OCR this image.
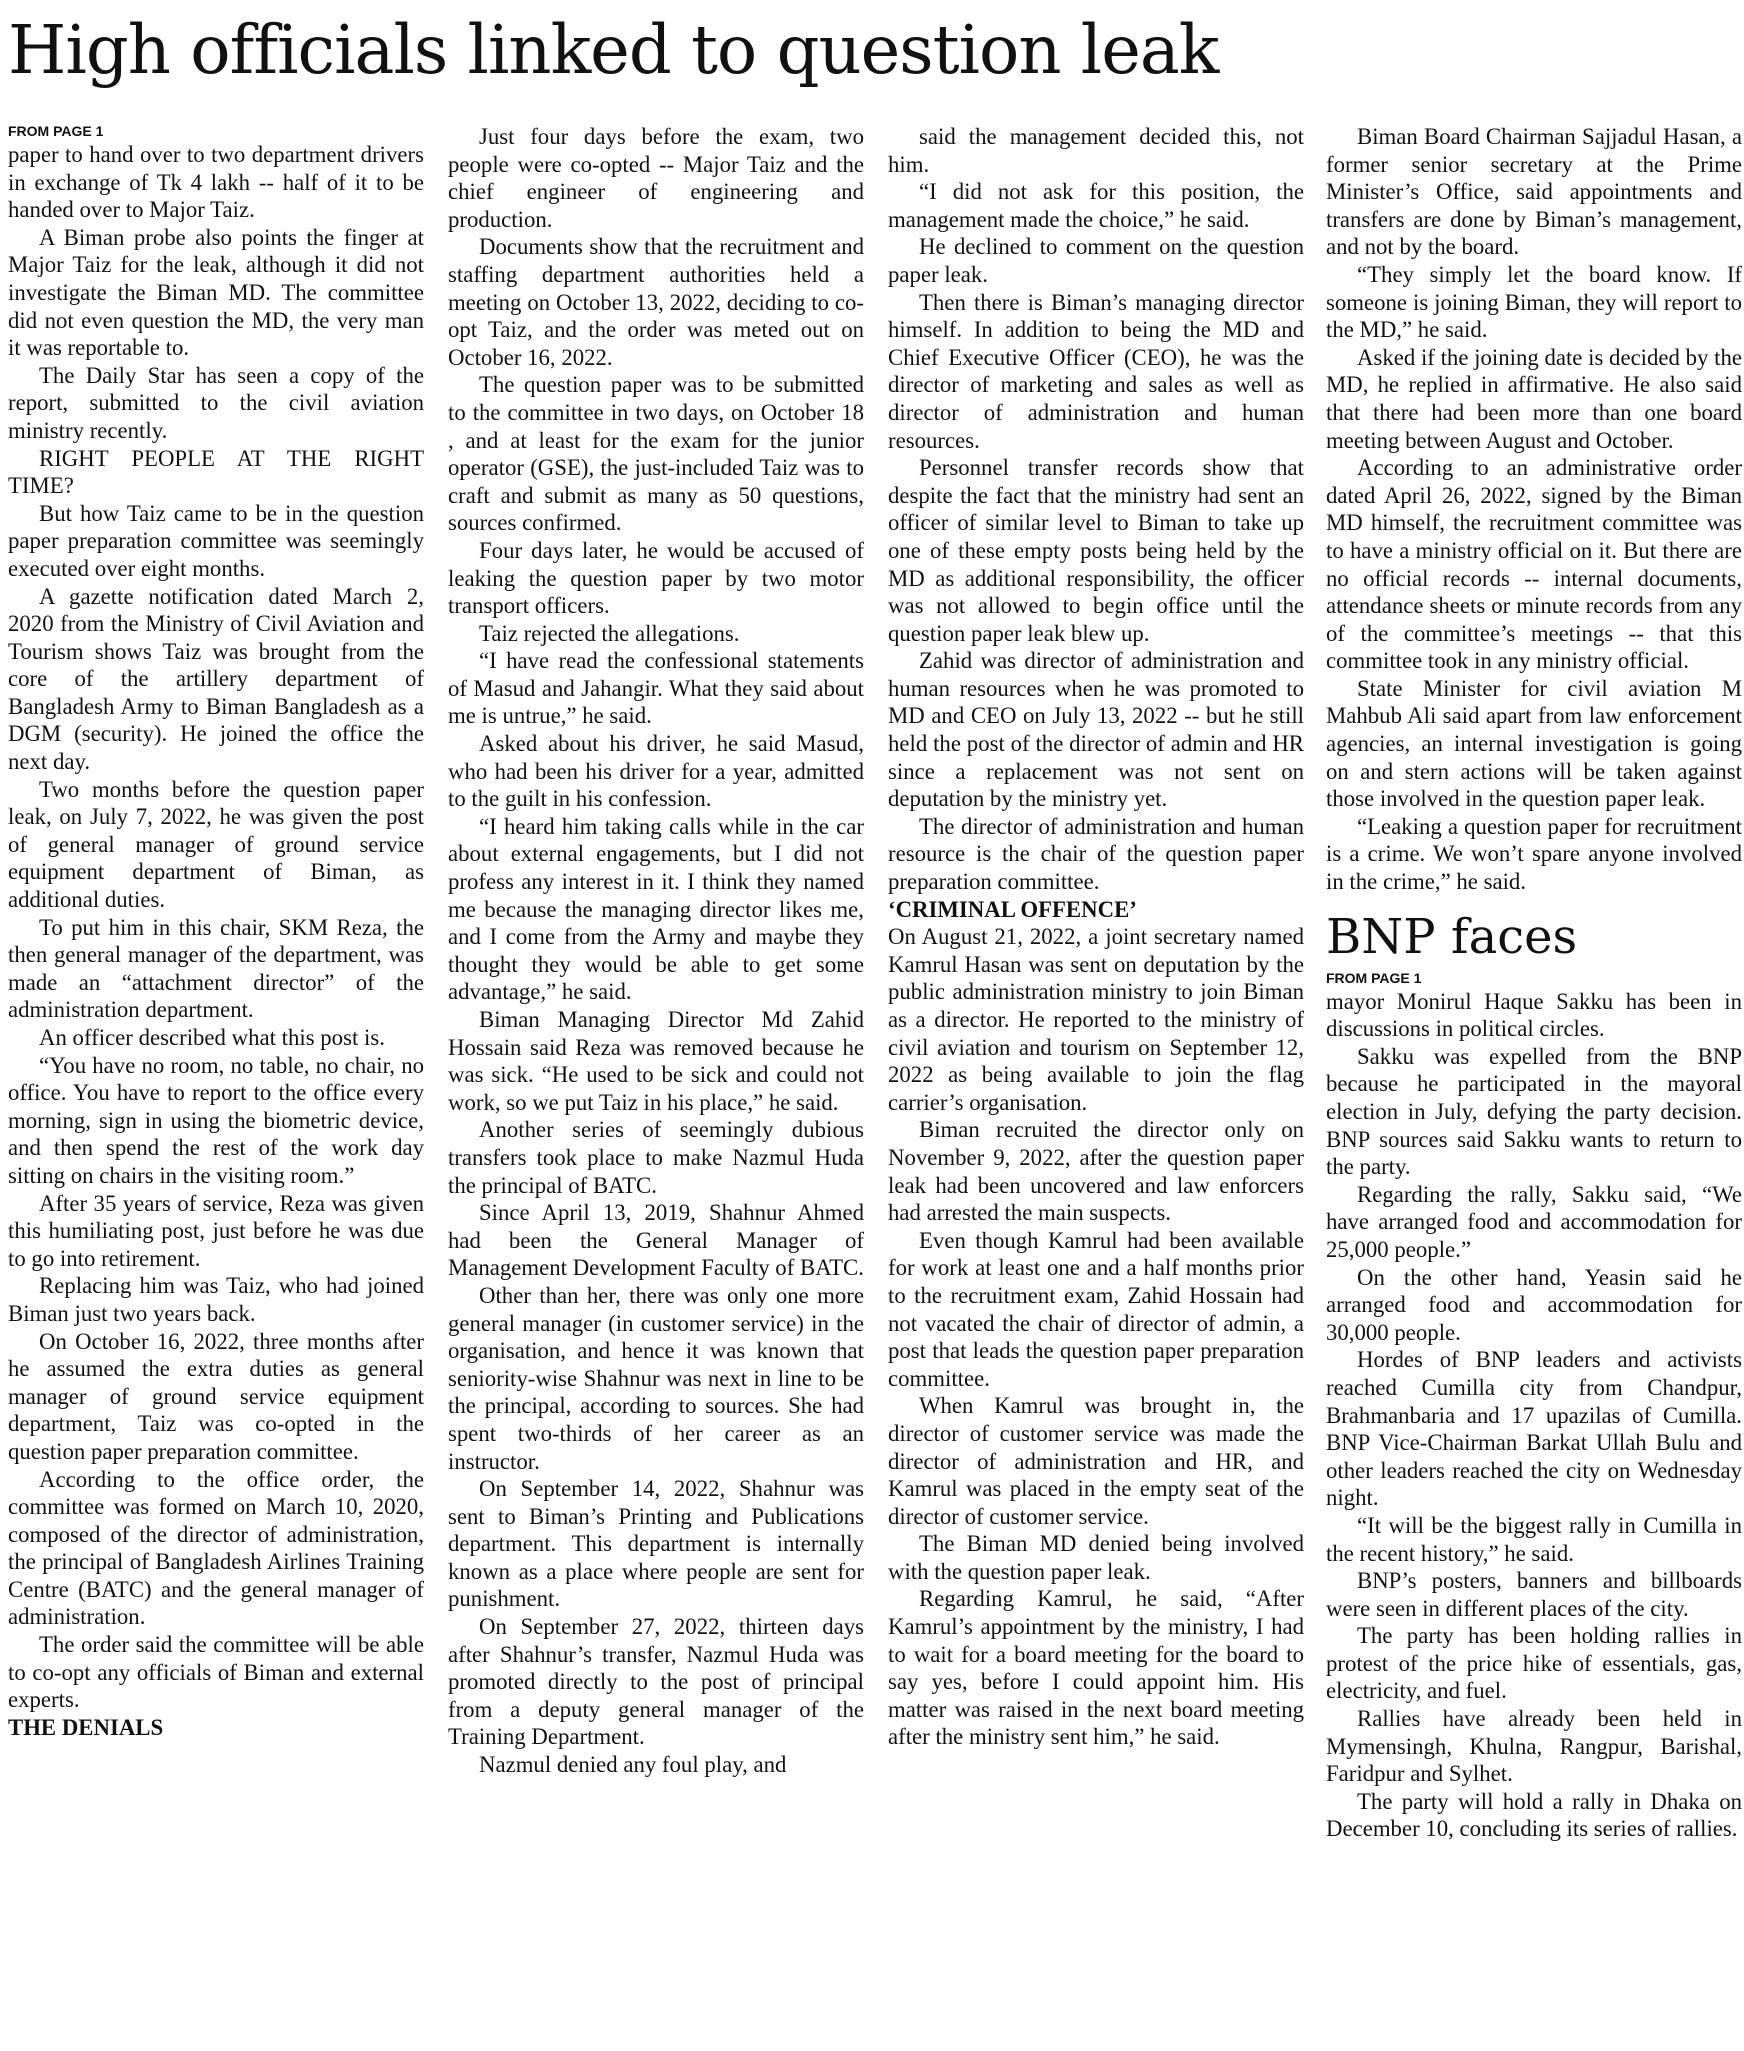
High officials linked to question leak
FROM PAGE 1

paper to hand over to two department drivers in exchange of Tk 4 lakh -- half of it to be handed over to Major Taiz.

A Biman probe also points the finger at Major Taiz for the leak, although it did not investigate the Biman MD. The committee did not even question the MD, the very man it was reportable to.

The Daily Star has seen a copy of the report, submitted to the civil aviation ministry recently.

RIGHT PEOPLE AT THE RIGHT TIME?

But how Taiz came to be in the question paper preparation committee was seemingly executed over eight months.

A gazette notification dated March 2, 2020 from the Ministry of Civil Aviation and Tourism shows Taiz was brought from the core of the artillery department of Bangladesh Army to Biman Bangladesh as a DGM (security). He joined the office the next day.

Two months before the question paper leak, on July 7, 2022, he was given the post of general manager of ground service equipment department of Biman, as additional duties.

To put him in this chair, SKM Reza, the then general manager of the department, was made an “attachment director” of the administration department.

An officer described what this post is.

“You have no room, no table, no chair, no office. You have to report to the office every morning, sign in using the biometric device, and then spend the rest of the work day sitting on chairs in the visiting room.”

After 35 years of service, Reza was given this humiliating post, just before he was due to go into retirement.

Replacing him was Taiz, who had joined Biman just two years back.

On October 16, 2022, three months after he assumed the extra duties as general manager of ground service equipment department, Taiz was co-opted in the question paper preparation committee.

According to the office order, the committee was formed on March 10, 2020, composed of the director of administration, the principal of Bangladesh Airlines Training Centre (BATC) and the general manager of administration.

The order said the committee will be able to co-opt any officials of Biman and external experts.

THE DENIALS

Just four days before the exam, two people were co-opted -- Major Taiz and the chief engineer of engineering and production.

Documents show that the recruitment and staffing department authorities held a meeting on October 13, 2022, deciding to co-opt Taiz, and the order was meted out on October 16, 2022.

The question paper was to be submitted to the committee in two days, on October 18 , and at least for the exam for the junior operator (GSE), the just-included Taiz was to craft and submit as many as 50 questions, sources confirmed.

Four days later, he would be accused of leaking the question paper by two motor transport officers.

Taiz rejected the allegations.

“I have read the confessional statements of Masud and Jahangir. What they said about me is untrue,” he said.

Asked about his driver, he said Masud, who had been his driver for a year, admitted to the guilt in his confession.

“I heard him taking calls while in the car about external engagements, but I did not profess any interest in it. I think they named me because the managing director likes me, and I come from the Army and maybe they thought they would be able to get some advantage,” he said.

Biman Managing Director Md Zahid Hossain said Reza was removed because he was sick. “He used to be sick and could not work, so we put Taiz in his place,” he said.

Another series of seemingly dubious transfers took place to make Nazmul Huda the principal of BATC.

Since April 13, 2019, Shahnur Ahmed had been the General Manager of Management Development Faculty of BATC.

Other than her, there was only one more general manager (in customer service) in the organisation, and hence it was known that seniority-wise Shahnur was next in line to be the principal, according to sources. She had spent two-thirds of her career as an instructor.

On September 14, 2022, Shahnur was sent to Biman’s Printing and Publications department. This department is internally known as a place where people are sent for punishment.

On September 27, 2022, thirteen days after Shahnur’s transfer, Nazmul Huda was promoted directly to the post of principal from a deputy general manager of the Training Department.

Nazmul denied any foul play, and

said the management decided this, not him.

“I did not ask for this position, the management made the choice,” he said.

He declined to comment on the question paper leak.

Then there is Biman’s managing director himself. In addition to being the MD and Chief Executive Officer (CEO), he was the director of marketing and sales as well as director of administration and human resources.

Personnel transfer records show that despite the fact that the ministry had sent an officer of similar level to Biman to take up one of these empty posts being held by the MD as additional responsibility, the officer was not allowed to begin office until the question paper leak blew up.

Zahid was director of administration and human resources when he was promoted to MD and CEO on July 13, 2022 -- but he still held the post of the director of admin and HR since a replacement was not sent on deputation by the ministry yet.

The director of administration and human resource is the chair of the question paper preparation committee.

‘CRIMINAL OFFENCE’

On August 21, 2022, a joint secretary named Kamrul Hasan was sent on deputation by the public administration ministry to join Biman as a director. He reported to the ministry of civil aviation and tourism on September 12, 2022 as being available to join the flag carrier’s organisation.

Biman recruited the director only on November 9, 2022, after the question paper leak had been uncovered and law enforcers had arrested the main suspects.

Even though Kamrul had been available for work at least one and a half months prior to the recruitment exam, Zahid Hossain had not vacated the chair of director of admin, a post that leads the question paper preparation committee.

When Kamrul was brought in, the director of customer service was made the director of administration and HR, and Kamrul was placed in the empty seat of the director of customer service.

The Biman MD denied being involved with the question paper leak.

Regarding Kamrul, he said, “After Kamrul’s appointment by the ministry, I had to wait for a board meeting for the board to say yes, before I could appoint him. His matter was raised in the next board meeting after the ministry sent him,” he said.

Biman Board Chairman Sajjadul Hasan, a former senior secretary at the Prime Minister’s Office, said appointments and transfers are done by Biman’s management, and not by the board.

“They simply let the board know. If someone is joining Biman, they will report to the MD,” he said.

Asked if the joining date is decided by the MD, he replied in affirmative. He also said that there had been more than one board meeting between August and October.

According to an administrative order dated April 26, 2022, signed by the Biman MD himself, the recruitment committee was to have a ministry official on it. But there are no official records -- internal documents, attendance sheets or minute records from any of the committee’s meetings -- that this committee took in any ministry official.

State Minister for civil aviation M Mahbub Ali said apart from law enforcement agencies, an internal investigation is going on and stern actions will be taken against those involved in the question paper leak.

“Leaking a question paper for recruitment is a crime. We won’t spare anyone involved in the crime,” he said.

BNP faces
FROM PAGE 1

mayor Monirul Haque Sakku has been in discussions in political circles.

Sakku was expelled from the BNP because he participated in the mayoral election in July, defying the party decision. BNP sources said Sakku wants to return to the party.

Regarding the rally, Sakku said, “We have arranged food and accommodation for 25,000 people.”

On the other hand, Yeasin said he arranged food and accommodation for 30,000 people.

Hordes of BNP leaders and activists reached Cumilla city from Chandpur, Brahmanbaria and 17 upazilas of Cumilla. BNP Vice-Chairman Barkat Ullah Bulu and other leaders reached the city on Wednesday night.

“It will be the biggest rally in Cumilla in the recent history,” he said.

BNP’s posters, banners and billboards were seen in different places of the city.

The party has been holding rallies in protest of the price hike of essentials, gas, electricity, and fuel.

Rallies have already been held in Mymensingh, Khulna, Rangpur, Barishal, Faridpur and Sylhet.

The party will hold a rally in Dhaka on December 10, concluding its series of rallies.
